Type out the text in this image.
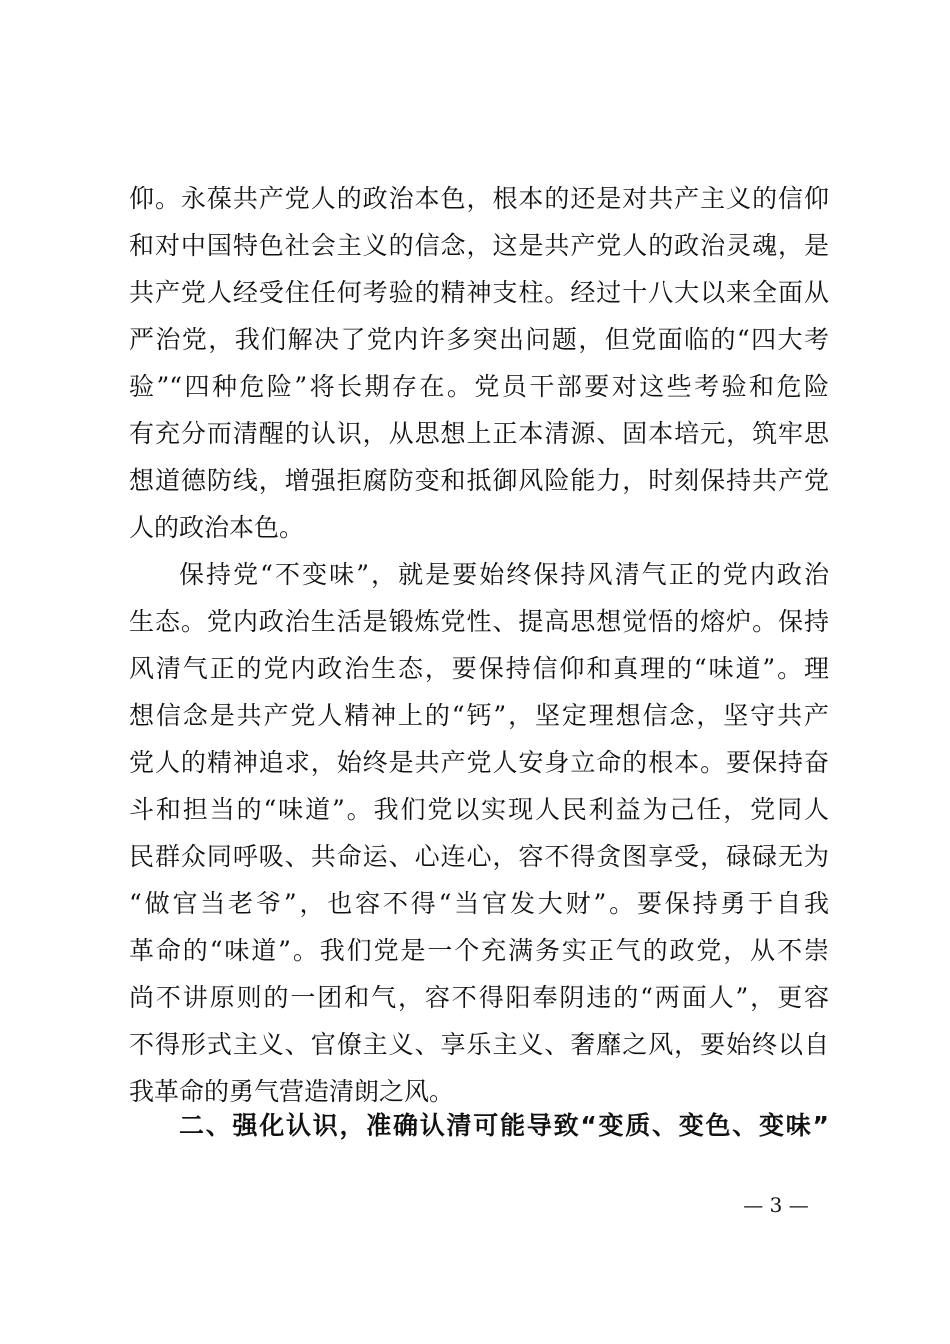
仰。永葆共产党人的政治本色，根本的还是对共产主义的信仰
和对中国特色社会主义的信念，这是共产党人的政治灵魂，是
共产党人经受住任何考验的精神支柱。经过十八大以来全面从
严治党，我们解决了党内许多突出问题，但党面临的“四大考
验”“四种危险”将长期存在。党员干部要对这些考验和危险
有充分而清醒的认识，从思想上正本清源、固本培元，筑牢思
想道德防线，增强拒腐防变和抵御风险能力，时刻保持共产党
人的政治本色。
保持党“不变味”，就是要始终保持风清气正的党内政治
生态。党内政治生活是锻炼党性、提高思想觉悟的熔炉。保持
风清气正的党内政治生态，要保持信仰和真理的“味道”。理
想信念是共产党人精神上的“钙”，坚定理想信念，坚守共产
党人的精神追求，始终是共产党人安身立命的根本。要保持奋
斗和担当的“味道”。我们党以实现人民利益为己任，党同人
民群众同呼吸、共命运、心连心，容不得贪图享受，碌碌无为
“做官当老爷”，也容不得“当官发大财”。要保持勇于自我
革命的“味道”。我们党是一个充满务实正气的政党，从不崇
尚不讲原则的一团和气，容不得阳奉阴违的“两面人”，更容
不得形式主义、官僚主义、享乐主义、奢靡之风，要始终以自
我革命的勇气营造清朗之风。
二、强化认识，准确认清可能导致“变质、变色、变味”
— 3 —
